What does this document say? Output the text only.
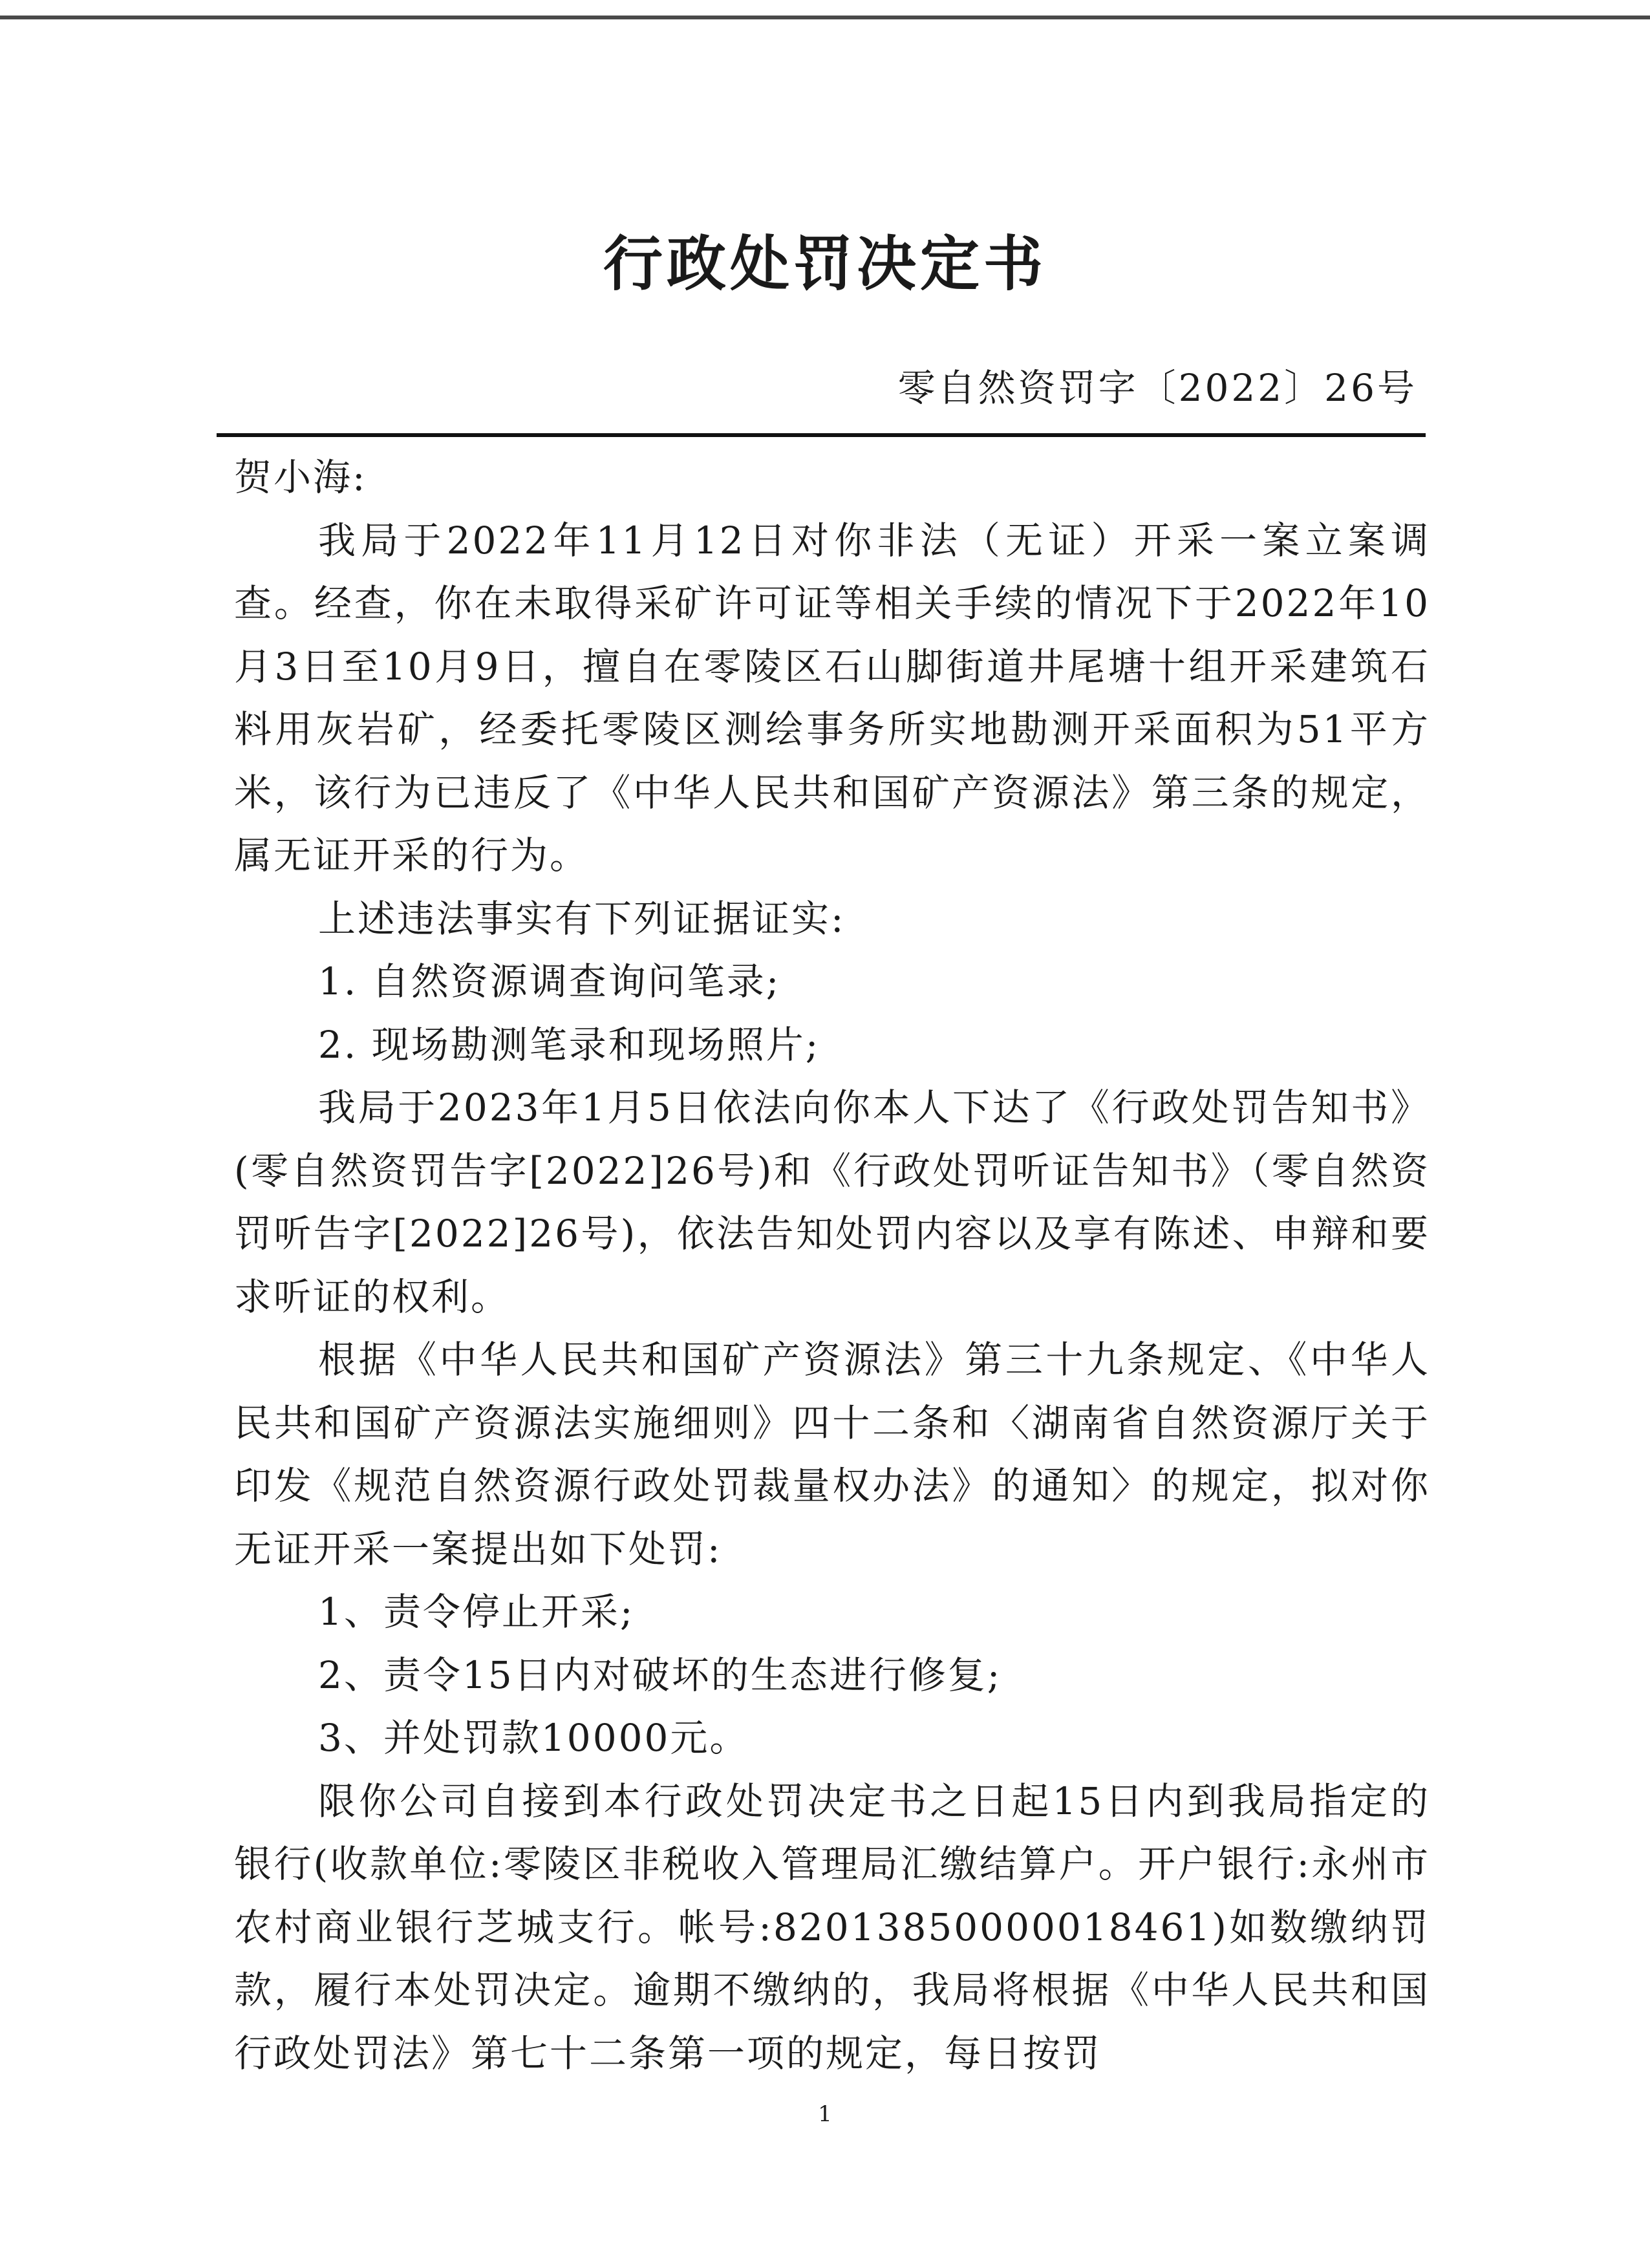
行政处罚决定书
零自然资罚字〔2022〕26号

贺小海:

我局于2022年11月12日对你非法（无证）开采一案立案调查。经查，你在未取得采矿许可证等相关手续的情况下于2022年10月3日至10月9日，擅自在零陵区石山脚街道井尾塘十组开采建筑石料用灰岩矿，经委托零陵区测绘事务所实地勘测开采面积为51平方米，该行为已违反了《中华人民共和国矿产资源法》第三条的规定，属无证开采的行为。

上述违法事实有下列证据证实:

1. 自然资源调查询问笔录;

2. 现场勘测笔录和现场照片;

我局于2023年1月5日依法向你本人下达了《行政处罚告知书》(零自然资罚告字[2022]26号)和《行政处罚听证告知书》（零自然资罚听告字[2022]26号)，依法告知处罚内容以及享有陈述、申辩和要求听证的权利。

根据《中华人民共和国矿产资源法》第三十九条规定、《中华人民共和国矿产资源法实施细则》四十二条和〈湖南省自然资源厅关于印发《规范自然资源行政处罚裁量权办法》的通知〉的规定，拟对你无证开采一案提出如下处罚:

1、责令停止开采;

2、责令15日内对破坏的生态进行修复;

3、并处罚款10000元。

限你公司自接到本行政处罚决定书之日起15日内到我局指定的银行(收款单位:零陵区非税收入管理局汇缴结算户。开户银行:永州市农村商业银行芝城支行。帐号:82013850000018461)如数缴纳罚款，履行本处罚决定。逾期不缴纳的，我局将根据《中华人民共和国行政处罚法》第七十二条第一项的规定，每日按罚

1
